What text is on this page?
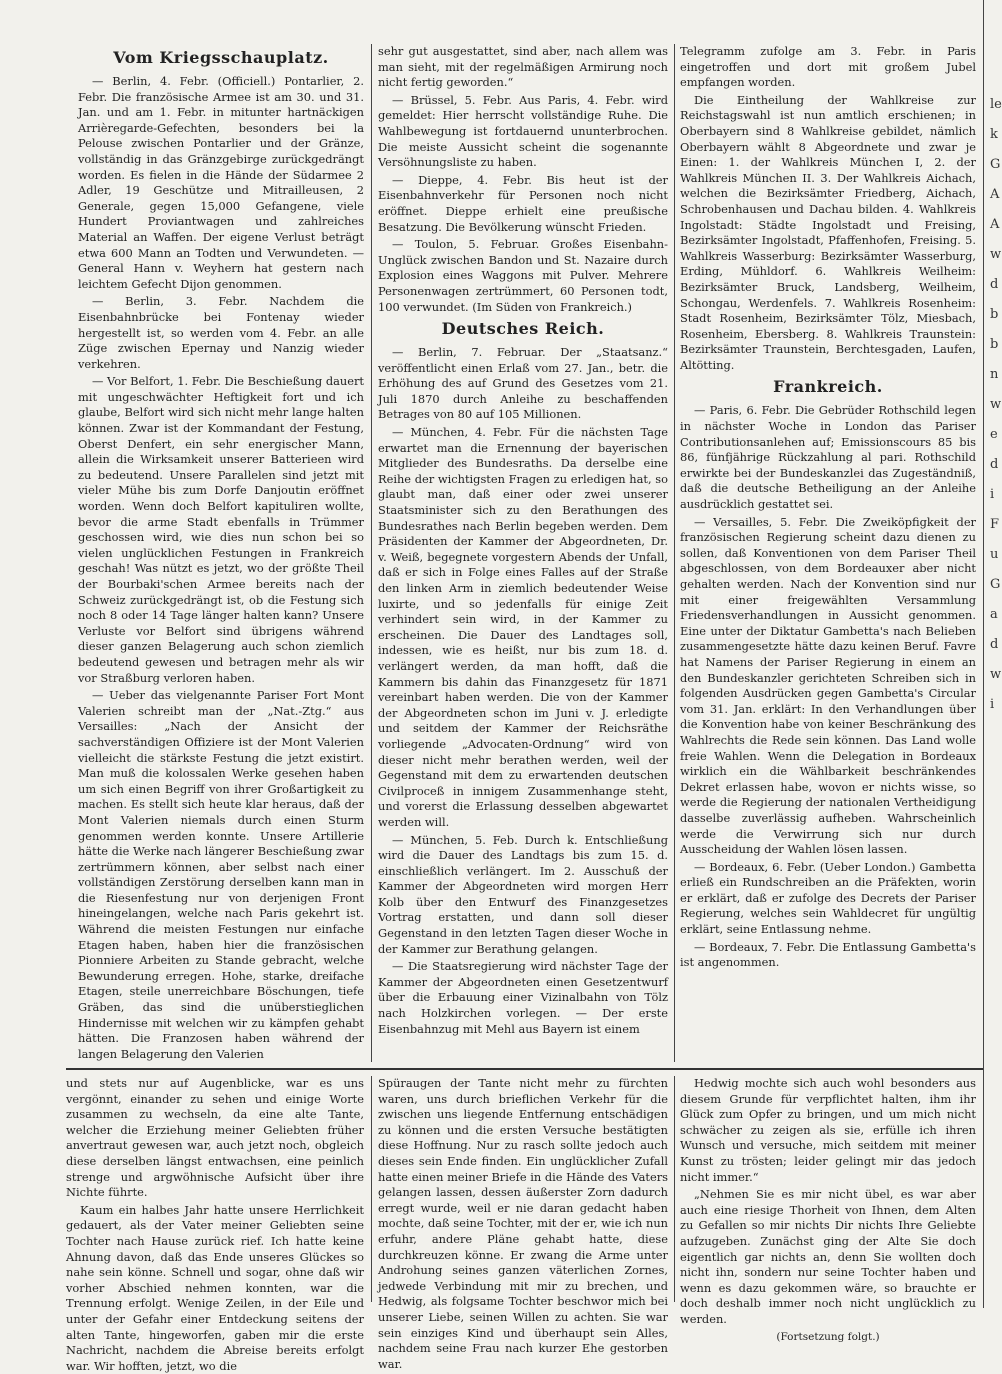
Vom Kriegsschauplatz.

— Berlin, 4. Febr. (Officiell.) Pontarlier, 2. Febr. Die französische Armee ist am 30. und 31. Jan. und am 1. Febr. in mitunter hartnäckigen Arrièregarde-Gefechten, besonders bei la Pelouse zwischen Pontarlier und der Gränze, vollständig in das Gränzgebirge zurückgedrängt worden. Es fielen in die Hände der Südarmee 2 Adler, 19 Geschütze und Mitrailleusen, 2 Generale, gegen 15,000 Gefangene, viele Hundert Proviantwagen und zahlreiches Material an Waffen. Der eigene Verlust beträgt etwa 600 Mann an Todten und Verwundeten. — General Hann v. Weyhern hat gestern nach leichtem Gefecht Dijon genommen.

— Berlin, 3. Febr. Nachdem die Eisenbahnbrücke bei Fontenay wieder hergestellt ist, so werden vom 4. Febr. an alle Züge zwischen Epernay und Nanzig wieder verkehren.

— Vor Belfort, 1. Febr. Die Beschießung dauert mit ungeschwächter Heftigkeit fort und ich glaube, Belfort wird sich nicht mehr lange halten können. Zwar ist der Kommandant der Festung, Oberst Denfert, ein sehr energischer Mann, allein die Wirksamkeit unserer Batterieen wird zu bedeutend. Unsere Parallelen sind jetzt mit vieler Mühe bis zum Dorfe Danjoutin eröffnet worden. Wenn doch Belfort kapituliren wollte, bevor die arme Stadt ebenfalls in Trümmer geschossen wird, wie dies nun schon bei so vielen unglücklichen Festungen in Frankreich geschah! Was nützt es jetzt, wo der größte Theil der Bourbaki'schen Armee bereits nach der Schweiz zurückgedrängt ist, ob die Festung sich noch 8 oder 14 Tage länger halten kann? Unsere Verluste vor Belfort sind übrigens während dieser ganzen Belagerung auch schon ziemlich bedeutend gewesen und betragen mehr als wir vor Straßburg verloren haben.

— Ueber das vielgenannte Pariser Fort Mont Valerien schreibt man der „Nat.-Ztg.“ aus Versailles: „Nach der Ansicht der sachverständigen Offiziere ist der Mont Valerien vielleicht die stärkste Festung die jetzt existirt. Man muß die kolossalen Werke gesehen haben um sich einen Begriff von ihrer Großartigkeit zu machen. Es stellt sich heute klar heraus, daß der Mont Valerien niemals durch einen Sturm genommen werden konnte. Unsere Artillerie hätte die Werke nach längerer Beschießung zwar zertrümmern können, aber selbst nach einer vollständigen Zerstörung derselben kann man in die Riesenfestung nur von derjenigen Front hineingelangen, welche nach Paris gekehrt ist. Während die meisten Festungen nur einfache Etagen haben, haben hier die französischen Pionniere Arbeiten zu Stande gebracht, welche Bewunderung erregen. Hohe, starke, dreifache Etagen, steile unerreichbare Böschungen, tiefe Gräben, das sind die unüberstieglichen Hindernisse mit welchen wir zu kämpfen gehabt hätten. Die Franzosen haben während der langen Belagerung den Valerien

sehr gut ausgestattet, sind aber, nach allem was man sieht, mit der regelmäßigen Armirung noch nicht fertig geworden.“

— Brüssel, 5. Febr. Aus Paris, 4. Febr. wird gemeldet: Hier herrscht vollständige Ruhe. Die Wahlbewegung ist fortdauernd ununterbrochen. Die meiste Aussicht scheint die sogenannte Versöhnungsliste zu haben.

— Dieppe, 4. Febr. Bis heut ist der Eisenbahnverkehr für Personen noch nicht eröffnet. Dieppe erhielt eine preußische Besatzung. Die Bevölkerung wünscht Frieden.

— Toulon, 5. Februar. Großes Eisenbahn-Unglück zwischen Bandon und St. Nazaire durch Explosion eines Waggons mit Pulver. Mehrere Personenwagen zertrümmert, 60 Personen todt, 100 verwundet. (Im Süden von Frankreich.)

Deutsches Reich.

— Berlin, 7. Februar. Der „Staatsanz.“ veröffentlicht einen Erlaß vom 27. Jan., betr. die Erhöhung des auf Grund des Gesetzes vom 21. Juli 1870 durch Anleihe zu beschaffenden Betrages von 80 auf 105 Millionen.

— München, 4. Febr. Für die nächsten Tage erwartet man die Ernennung der bayerischen Mitglieder des Bundesraths. Da derselbe eine Reihe der wichtigsten Fragen zu erledigen hat, so glaubt man, daß einer oder zwei unserer Staatsminister sich zu den Berathungen des Bundesrathes nach Berlin begeben werden. Dem Präsidenten der Kammer der Abgeordneten, Dr. v. Weiß, begegnete vorgestern Abends der Unfall, daß er sich in Folge eines Falles auf der Straße den linken Arm in ziemlich bedeutender Weise luxirte, und so jedenfalls für einige Zeit verhindert sein wird, in der Kammer zu erscheinen. Die Dauer des Landtages soll, indessen, wie es heißt, nur bis zum 18. d. verlängert werden, da man hofft, daß die Kammern bis dahin das Finanzgesetz für 1871 vereinbart haben werden. Die von der Kammer der Abgeordneten schon im Juni v. J. erledigte und seitdem der Kammer der Reichsräthe vorliegende „Advocaten-Ordnung“ wird von dieser nicht mehr berathen werden, weil der Gegenstand mit dem zu erwartenden deutschen Civilproceß in innigem Zusammenhange steht, und vorerst die Erlassung desselben abgewartet werden will.

— München, 5. Feb. Durch k. Entschließung wird die Dauer des Landtags bis zum 15. d. einschließlich verlängert. Im 2. Ausschuß der Kammer der Abgeordneten wird morgen Herr Kolb über den Entwurf des Finanzgesetzes Vortrag erstatten, und dann soll dieser Gegenstand in den letzten Tagen dieser Woche in der Kammer zur Berathung gelangen.

— Die Staatsregierung wird nächster Tage der Kammer der Abgeordneten einen Gesetzentwurf über die Erbauung einer Vizinalbahn von Tölz nach Holzkirchen vorlegen. — Der erste Eisenbahnzug mit Mehl aus Bayern ist einem

Telegramm zufolge am 3. Febr. in Paris eingetroffen und dort mit großem Jubel empfangen worden.

Die Eintheilung der Wahlkreise zur Reichstagswahl ist nun amtlich erschienen; in Oberbayern sind 8 Wahlkreise gebildet, nämlich Oberbayern wählt 8 Abgeordnete und zwar je Einen: 1. der Wahlkreis München I, 2. der Wahlkreis München II. 3. Der Wahlkreis Aichach, welchen die Bezirksämter Friedberg, Aichach, Schrobenhausen und Dachau bilden. 4. Wahlkreis Ingolstadt: Städte Ingolstadt und Freising, Bezirksämter Ingolstadt, Pfaffenhofen, Freising. 5. Wahlkreis Wasserburg: Bezirksämter Wasserburg, Erding, Mühldorf. 6. Wahlkreis Weilheim: Bezirksämter Bruck, Landsberg, Weilheim, Schongau, Werdenfels. 7. Wahlkreis Rosenheim: Stadt Rosenheim, Bezirksämter Tölz, Miesbach, Rosenheim, Ebersberg. 8. Wahlkreis Traunstein: Bezirksämter Traunstein, Berchtesgaden, Laufen, Altötting.

Frankreich.

— Paris, 6. Febr. Die Gebrüder Rothschild legen in nächster Woche in London das Pariser Contributionsanlehen auf; Emissionscours 85 bis 86, fünfjährige Rückzahlung al pari. Rothschild erwirkte bei der Bundeskanzlei das Zugeständniß, daß die deutsche Betheiligung an der Anleihe ausdrücklich gestattet sei.

— Versailles, 5. Febr. Die Zweiköpfigkeit der französischen Regierung scheint dazu dienen zu sollen, daß Konventionen von dem Pariser Theil abgeschlossen, von dem Bordeauxer aber nicht gehalten werden. Nach der Konvention sind nur mit einer freigewählten Versammlung Friedensverhandlungen in Aussicht genommen. Eine unter der Diktatur Gambetta's nach Belieben zusammengesetzte hätte dazu keinen Beruf. Favre hat Namens der Pariser Regierung in einem an den Bundeskanzler gerichteten Schreiben sich in folgenden Ausdrücken gegen Gambetta's Circular vom 31. Jan. erklärt: In den Verhandlungen über die Konvention habe von keiner Beschränkung des Wahlrechts die Rede sein können. Das Land wolle freie Wahlen. Wenn die Delegation in Bordeaux wirklich ein die Wählbarkeit beschränkendes Dekret erlassen habe, wovon er nichts wisse, so werde die Regierung der nationalen Vertheidigung dasselbe zuverlässig aufheben. Wahrscheinlich werde die Verwirrung sich nur durch Ausscheidung der Wahlen lösen lassen.

— Bordeaux, 6. Febr. (Ueber London.) Gambetta erließ ein Rundschreiben an die Präfekten, worin er erklärt, daß er zufolge des Decrets der Pariser Regierung, welches sein Wahldecret für ungültig erklärt, seine Entlassung nehme.

— Bordeaux, 7. Febr. Die Entlassung Gambetta's ist angenommen.

und stets nur auf Augenblicke, war es uns vergönnt, einander zu sehen und einige Worte zusammen zu wechseln, da eine alte Tante, welcher die Erziehung meiner Geliebten früher anvertraut gewesen war, auch jetzt noch, obgleich diese derselben längst entwachsen, eine peinlich strenge und argwöhnische Aufsicht über ihre Nichte führte.

Kaum ein halbes Jahr hatte unsere Herrlichkeit gedauert, als der Vater meiner Geliebten seine Tochter nach Hause zurück rief. Ich hatte keine Ahnung davon, daß das Ende unseres Glückes so nahe sein könne. Schnell und sogar, ohne daß wir vorher Abschied nehmen konnten, war die Trennung erfolgt. Wenige Zeilen, in der Eile und unter der Gefahr einer Entdeckung seitens der alten Tante, hingeworfen, gaben mir die erste Nachricht, nachdem die Abreise bereits erfolgt war. Wir hofften, jetzt, wo die

Spüraugen der Tante nicht mehr zu fürchten waren, uns durch brieflichen Verkehr für die zwischen uns liegende Entfernung entschädigen zu können und die ersten Versuche bestätigten diese Hoffnung. Nur zu rasch sollte jedoch auch dieses sein Ende finden. Ein unglücklicher Zufall hatte einen meiner Briefe in die Hände des Vaters gelangen lassen, dessen äußerster Zorn dadurch erregt wurde, weil er nie daran gedacht haben mochte, daß seine Tochter, mit der er, wie ich nun erfuhr, andere Pläne gehabt hatte, diese durchkreuzen könne. Er zwang die Arme unter Androhung seines ganzen väterlichen Zornes, jedwede Verbindung mit mir zu brechen, und Hedwig, als folgsame Tochter beschwor mich bei unserer Liebe, seinen Willen zu achten. Sie war sein einziges Kind und überhaupt sein Alles, nachdem seine Frau nach kurzer Ehe gestorben war.

Hedwig mochte sich auch wohl besonders aus diesem Grunde für verpflichtet halten, ihm ihr Glück zum Opfer zu bringen, und um mich nicht schwächer zu zeigen als sie, erfülle ich ihren Wunsch und versuche, mich seitdem mit meiner Kunst zu trösten; leider gelingt mir das jedoch nicht immer.“

„Nehmen Sie es mir nicht übel, es war aber auch eine riesige Thorheit von Ihnen, dem Alten zu Gefallen so mir nichts Dir nichts Ihre Geliebte aufzugeben. Zunächst ging der Alte Sie doch eigentlich gar nichts an, denn Sie wollten doch nicht ihn, sondern nur seine Tochter haben und wenn es dazu gekommen wäre, so brauchte er doch deshalb immer noch nicht unglücklich zu werden.

(Fortsetzung folgt.)

le
k
G
A
A
w
d
b
b
n
w
e
d
i
F
u
G
a
d
w
i
